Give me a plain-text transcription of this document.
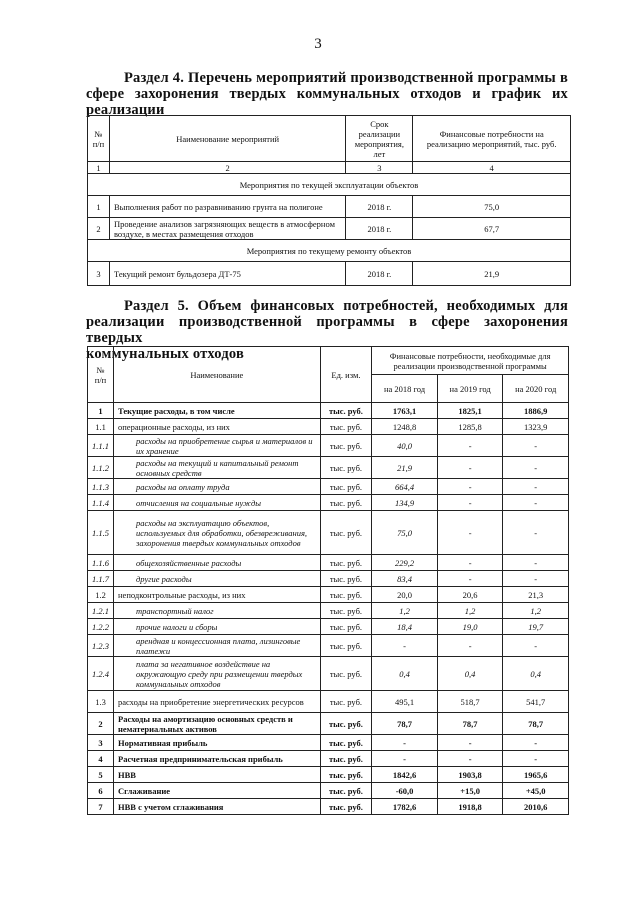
3
Раздел 4. Перечень мероприятий производственной программы в
сфере захоронения твердых коммунальных отходов и график их
реализации
№ п/п	Наименование мероприятий	Срок реализации мероприятия, лет	Финансовые потребности на реализацию мероприятий, тыс. руб.
1	2	3	4
Мероприятия по текущей эксплуатации объектов			
1	Выполнения работ по разравниванию грунта на полигоне	2018 г.	75,0
2	Проведение анализов загрязняющих веществ в атмосферном воздухе, в местах размещения отходов	2018 г.	67,7
Мероприятия по текущему ремонту объектов			
3	Текущий ремонт бульдозера ДТ-75	2018 г.	21,9
Раздел 5. Объем финансовых потребностей, необходимых для
реализации производственной программы в сфере захоронения твердых
коммунальных отходов
№ п/п	Наименование	Ед. изм.	Финансовые потребности, необходимые для реализации производственной программы		
			на 2018 год	на 2019 год	на 2020 год
1	Текущие расходы, в том числе	тыс. руб.	1763,1	1825,1	1886,9
1.1	операционные расходы, из них	тыс. руб.	1248,8	1285,8	1323,9
1.1.1	расходы на приобретение сырья и материалов и их хранение	тыс. руб.	40,0	-	-
1.1.2	расходы на текущий и капитальный ремонт основных средств	тыс. руб.	21,9	-	-
1.1.3	расходы на оплату труда	тыс. руб.	664,4	-	-
1.1.4	отчисления на социальные нужды	тыс. руб.	134,9	-	-
1.1.5	расходы на эксплуатацию объектов, используемых для обработки, обезвреживания, захоронения твердых коммунальных отходов	тыс. руб.	75,0	-	-
1.1.6	общехозяйственные расходы	тыс. руб.	229,2	-	-
1.1.7	другие расходы	тыс. руб.	83,4	-	-
1.2	неподконтрольные расходы, из них	тыс. руб.	20,0	20,6	21,3
1.2.1	транспортный налог	тыс. руб.	1,2	1,2	1,2
1.2.2	прочие налоги и сборы	тыс. руб.	18,4	19,0	19,7
1.2.3	арендная и концессионная плата, лизинговые платежи	тыс. руб.	-	-	-
1.2.4	плата за негативное воздействие на окружающую среду при размещении твердых коммунальных отходов	тыс. руб.	0,4	0,4	0,4
1.3	расходы на приобретение энергетических ресурсов	тыс. руб.	495,1	518,7	541,7
2	Расходы на амортизацию основных средств и нематериальных активов	тыс. руб.	78,7	78,7	78,7
3	Нормативная прибыль	тыс. руб.	-	-	-
4	Расчетная предпринимательская прибыль	тыс. руб.	-	-	-
5	НВВ	тыс. руб.	1842,6	1903,8	1965,6
6	Сглаживание	тыс. руб.	-60,0	+15,0	+45,0
7	НВВ с учетом сглаживания	тыс. руб.	1782,6	1918,8	2010,6
